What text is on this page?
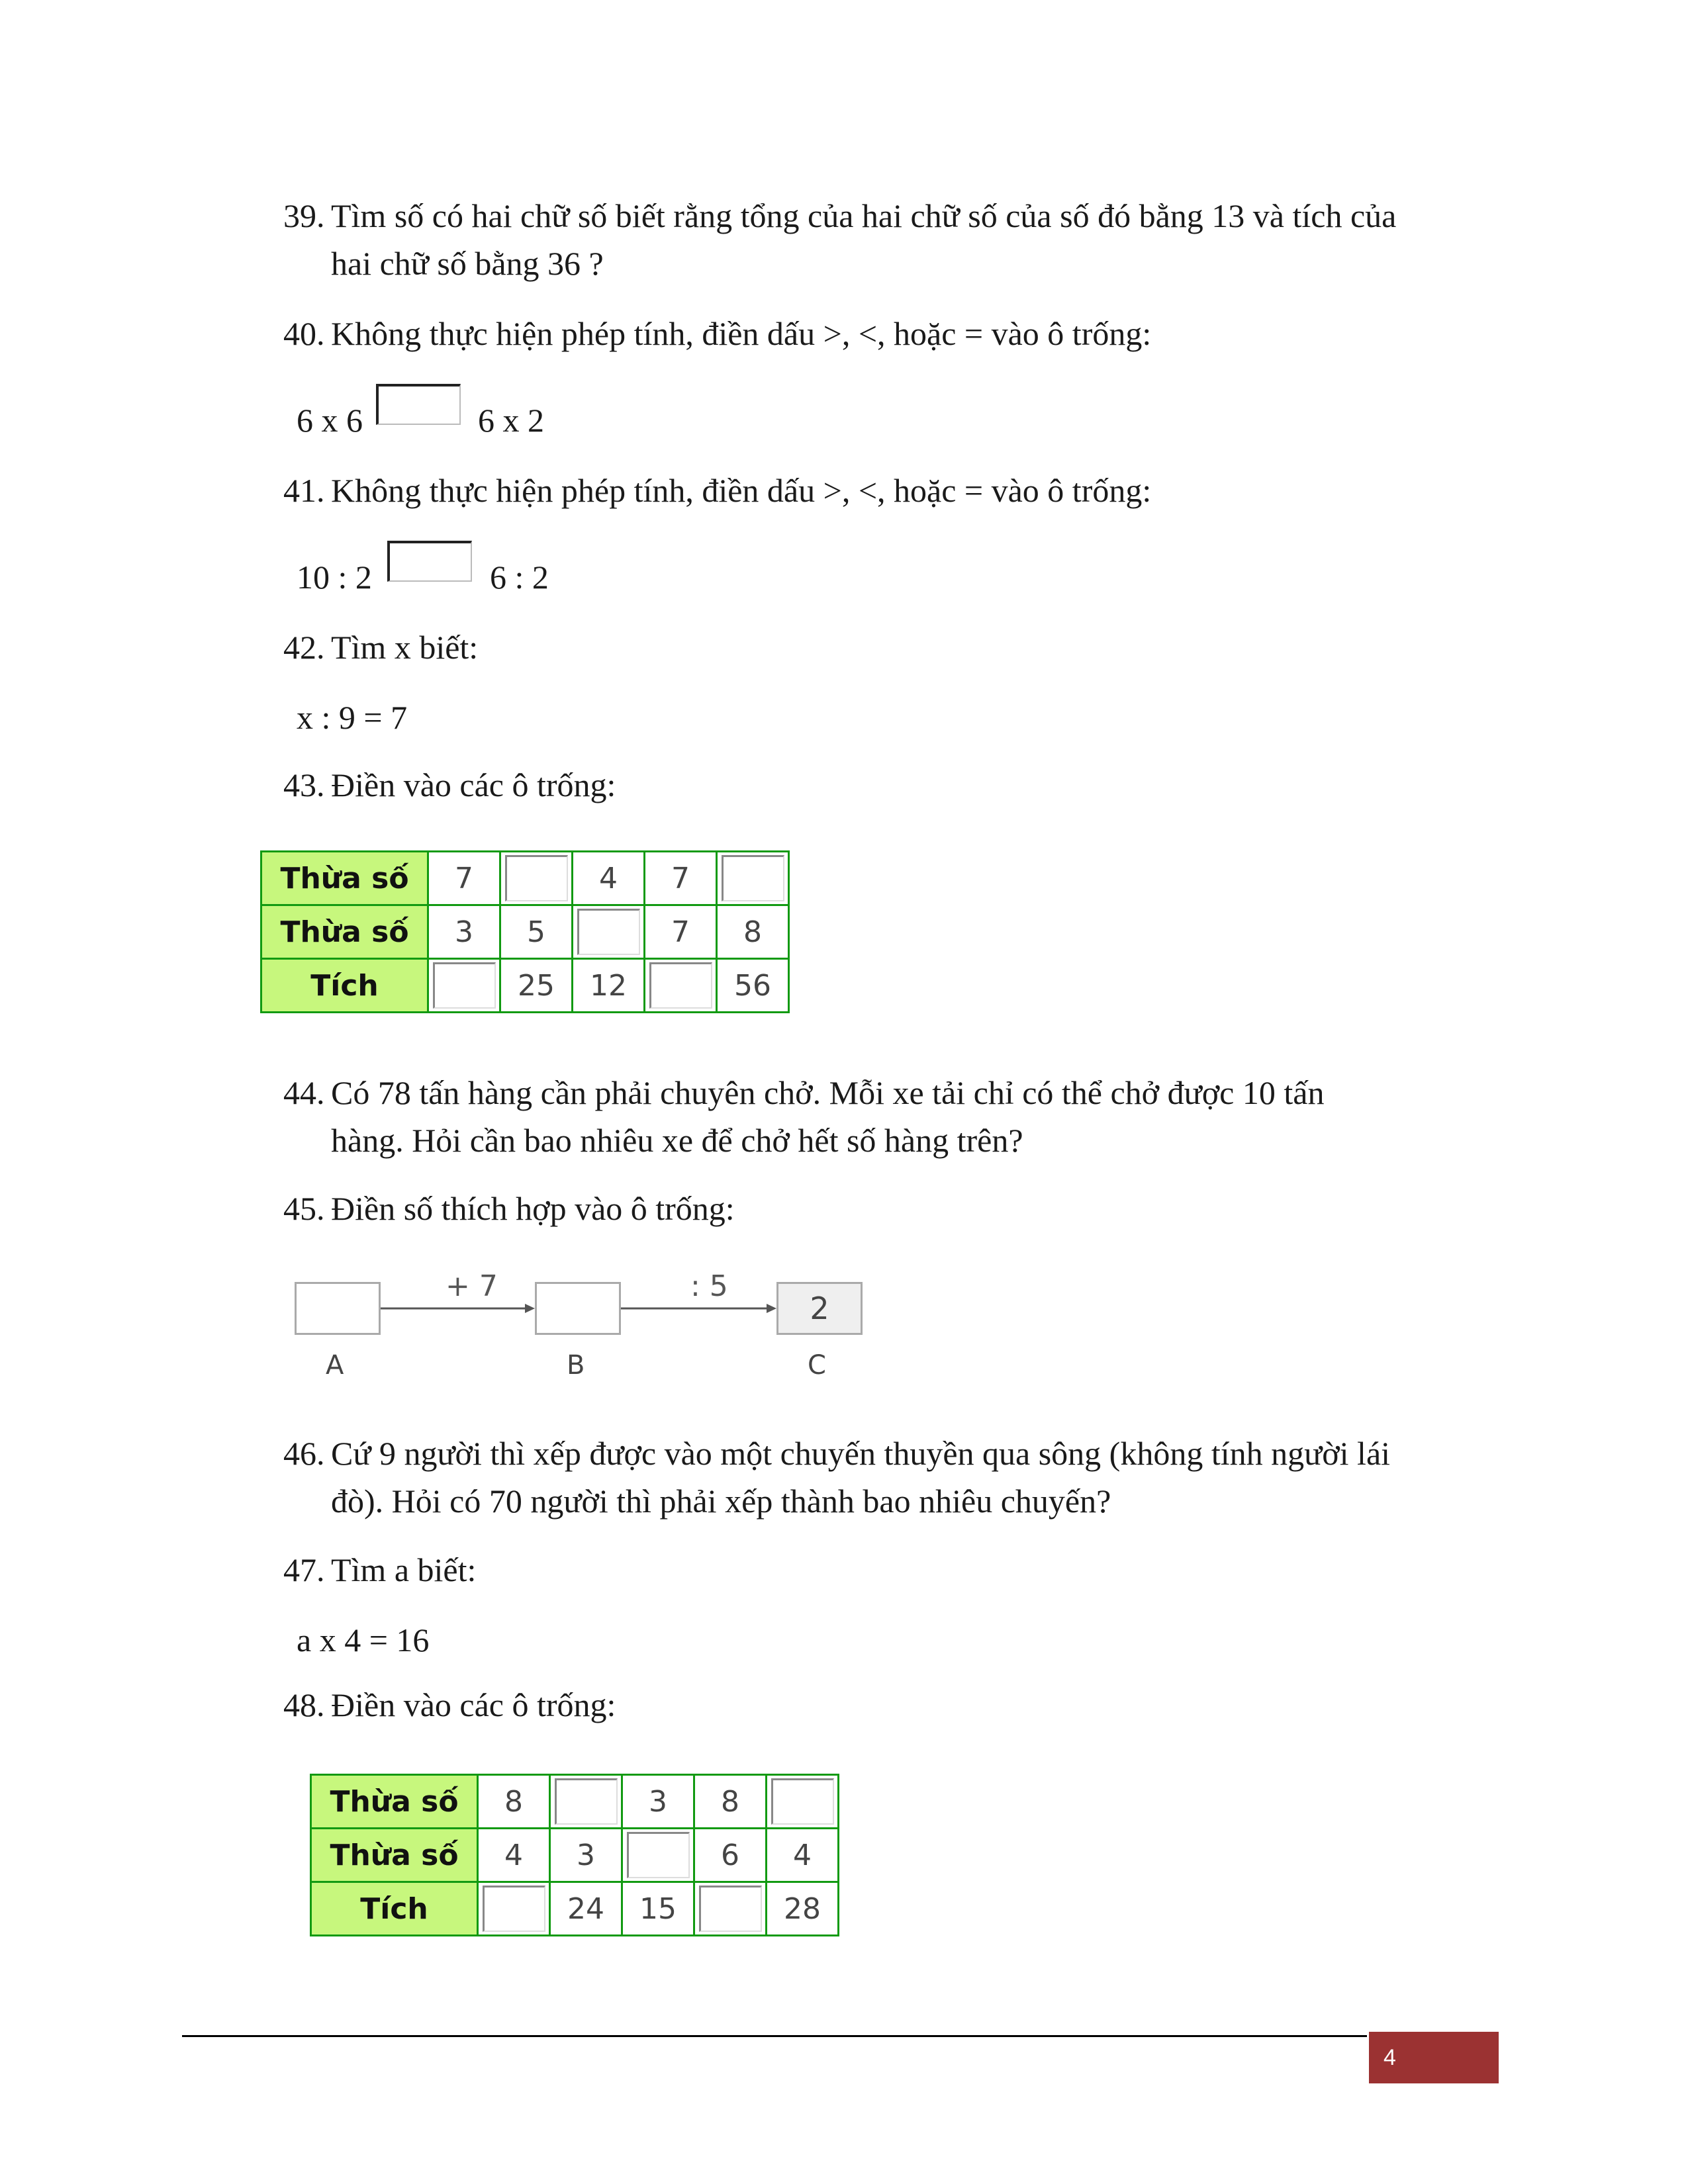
39. Tìm số có hai chữ số biết rằng tổng của hai chữ số của số đó bằng 13 và tích của
hai chữ số bằng 36 ?
40. Không thực hiện phép tính, điền dấu >, <, hoặc = vào ô trống:
6 x 6	6 x 2
41. Không thực hiện phép tính, điền dấu >, <, hoặc = vào ô trống:
10 : 2	6 : 2
42. Tìm x biết:
x : 9 = 7
43. Điền vào các ô trống:
Thừa số	7		4	7	

Thừa số	3	5		7	8
Tích		25	12		56
44. Có 78 tấn hàng cần phải chuyên chở. Mỗi xe tải chỉ có thể chở được 10 tấn
hàng. Hỏi cần bao nhiêu xe để chở hết số hàng trên?
45. Điền số thích hợp vào ô trống:
2
+ 7	: 5
A	B	C
46. Cứ 9 người thì xếp được vào một chuyến thuyền qua sông (không tính người lái
đò). Hỏi có 70 người thì phải xếp thành bao nhiêu chuyến?
47. Tìm a biết:
a x 4 = 16
48. Điền vào các ô trống:
Thừa số	8		3	8	

Thừa số	4	3		6	4
Tích		24	15		28
4
